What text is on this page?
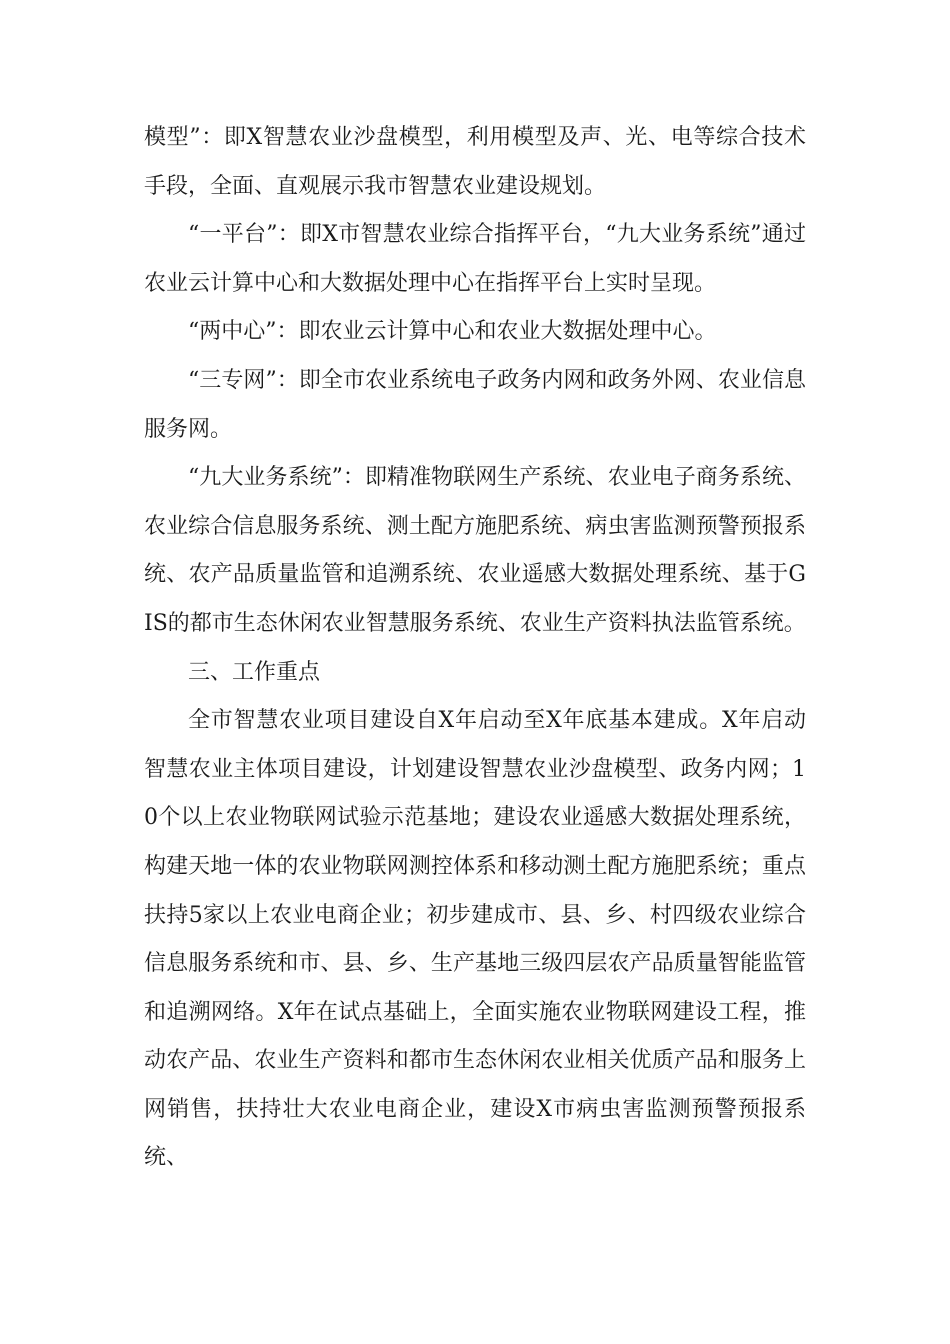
模型”：即X智慧农业沙盘模型，利用模型及声、光、电等综合技术手段，全面、直观展示我市智慧农业建设规划。

“一平台”：即X市智慧农业综合指挥平台，“九大业务系统”通过农业云计算中心和大数据处理中心在指挥平台上实时呈现。

“两中心”：即农业云计算中心和农业大数据处理中心。

“三专网”：即全市农业系统电子政务内网和政务外网、农业信息服务网。

“九大业务系统”：即精准物联网生产系统、农业电子商务系统、农业综合信息服务系统、测土配方施肥系统、病虫害监测预警预报系统、农产品质量监管和追溯系统、农业遥感大数据处理系统、基于GIS的都市生态休闲农业智慧服务系统、农业生产资料执法监管系统。

三、工作重点

全市智慧农业项目建设自X年启动至X年底基本建成。X年启动智慧农业主体项目建设，计划建设智慧农业沙盘模型、政务内网；10个以上农业物联网试验示范基地；建设农业遥感大数据处理系统，构建天地一体的农业物联网测控体系和移动测土配方施肥系统；重点扶持5家以上农业电商企业；初步建成市、县、乡、村四级农业综合信息服务系统和市、县、乡、生产基地三级四层农产品质量智能监管和追溯网络。X年在试点基础上，全面实施农业物联网建设工程，推动农产品、农业生产资料和都市生态休闲农业相关优质产品和服务上网销售，扶持壮大农业电商企业，建设X市病虫害监测预警预报系统、
